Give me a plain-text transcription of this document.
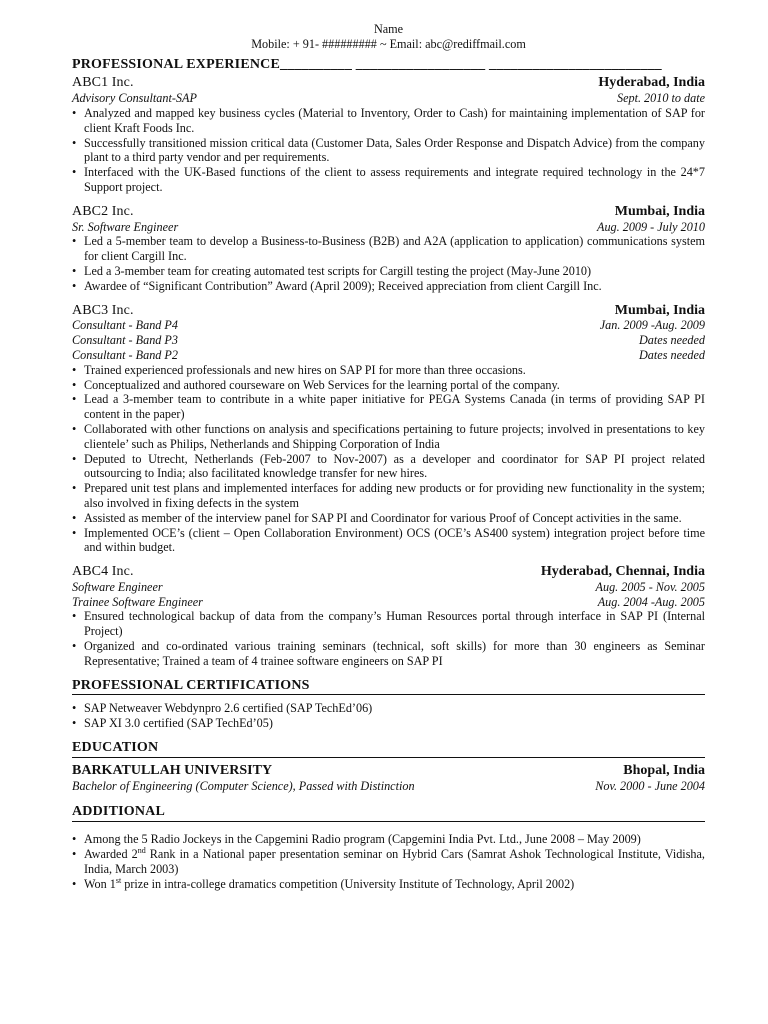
Name
Mobile: + 91- ######### ~ Email: abc@rediffmail.com
PROFESSIONAL EXPERIENCE__________ __________________ ________________________
ABC1 Inc.	Hyderabad, India
Advisory Consultant-SAP	Sept. 2010 to date
• Analyzed and mapped key business cycles (Material to Inventory, Order to Cash) for maintaining implementation of SAP for client Kraft Foods Inc.
• Successfully transitioned mission critical data (Customer Data, Sales Order Response and Dispatch Advice) from the company plant to a third party vendor and per requirements.
• Interfaced with the UK-Based functions of the client to assess requirements and integrate required technology in the 24*7 Support project.
ABC2 Inc.	Mumbai, India
Sr. Software Engineer	Aug. 2009 - July 2010
• Led a 5-member team to develop a Business-to-Business (B2B) and A2A (application to application) communications system for client Cargill Inc.
• Led a 3-member team for creating automated test scripts for Cargill testing the project (May-June 2010)
• Awardee of “Significant Contribution” Award (April 2009); Received appreciation from client Cargill Inc.
ABC3 Inc.	Mumbai, India
Consultant - Band P4	Jan. 2009 -Aug. 2009
Consultant - Band P3	Dates needed
Consultant - Band P2	Dates needed
• Trained experienced professionals and new hires on SAP PI for more than three occasions.
• Conceptualized and authored courseware on Web Services for the learning portal of the company.
• Lead a 3-member team to contribute in a white paper initiative for PEGA Systems Canada (in terms of providing SAP PI content in the paper)
• Collaborated with other functions on analysis and specifications pertaining to future projects; involved in presentations to key clientele’ such as Philips, Netherlands and Shipping Corporation of India
• Deputed to Utrecht, Netherlands (Feb-2007 to Nov-2007) as a developer and coordinator for SAP PI project related outsourcing to India; also facilitated knowledge transfer for new hires.
• Prepared unit test plans and implemented interfaces for adding new products or for providing new functionality in the system; also involved in fixing defects in the system
• Assisted as member of the interview panel for SAP PI and Coordinator for various Proof of Concept activities in the same.
• Implemented OCE’s (client – Open Collaboration Environment) OCS (OCE’s AS400 system) integration project before time and within budget.
ABC4 Inc.	Hyderabad, Chennai, India
Software Engineer	Aug. 2005 - Nov. 2005
Trainee Software Engineer	Aug. 2004 -Aug. 2005
• Ensured technological backup of data from the company’s Human Resources portal through interface in SAP PI (Internal Project)
• Organized and co-ordinated various training seminars (technical, soft skills) for more than 30 engineers as Seminar Representative; Trained a team of 4 trainee software engineers on SAP PI
PROFESSIONAL CERTIFICATIONS
• SAP Netweaver Webdynpro 2.6 certified (SAP TechEd’06)
• SAP XI 3.0 certified (SAP TechEd’05)
EDUCATION
BARKATULLAH UNIVERSITY	Bhopal, India
Bachelor of Engineering (Computer Science), Passed with Distinction	Nov. 2000 - June 2004
ADDITIONAL
• Among the 5 Radio Jockeys in the Capgemini Radio program (Capgemini India Pvt. Ltd., June 2008 – May 2009)
• Awarded 2nd Rank in a National paper presentation seminar on Hybrid Cars (Samrat Ashok Technological Institute, Vidisha, India, March 2003)
• Won 1st prize in intra-college dramatics competition (University Institute of Technology, April 2002)
